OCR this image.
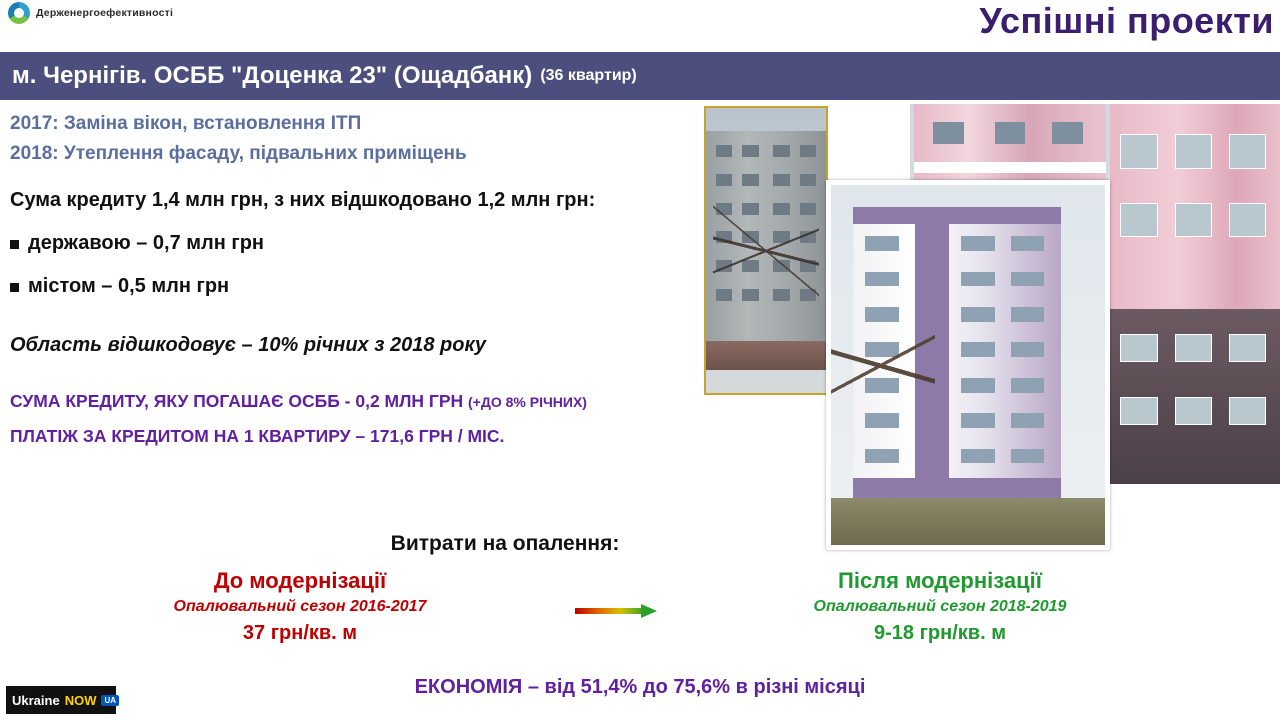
Держенергоефективності	Успішні проекти
м. Чернігів. ОСББ "Доценка 23" (Ощадбанк) (36 квартир)
2017: Заміна вікон, встановлення ІТП
2018: Утеплення фасаду, підвальних приміщень
Сума кредиту 1,4 млн грн, з них відшкодовано 1,2 млн грн:
державою – 0,7 млн грн
містом – 0,5 млн грн
Область відшкодовує – 10% річних з 2018 року
СУМА КРЕДИТУ, ЯКУ ПОГАШАЄ ОСББ - 0,2 МЛН ГРН (+ДО 8% РІЧНИХ)
ПЛАТІЖ ЗА КРЕДИТОМ НА 1 КВАРТИРУ – 171,6 ГРН / МІС.
Витрати на опалення:
До модернізації
Опалювальний сезон 2016-2017
37 грн/кв. м
Після модернізації
Опалювальний сезон 2018-2019
9-18 грн/кв. м
ЕКОНОМІЯ – від 51,4% до 75,6% в різні місяці
Ukraine NOW	UA
